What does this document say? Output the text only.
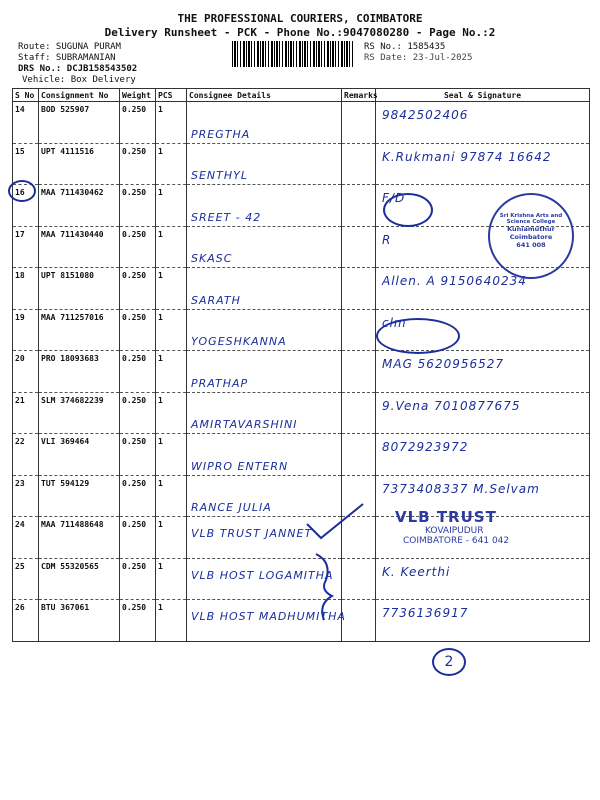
THE PROFESSIONAL COURIERS, COIMBATORE
Delivery Runsheet - PCK - Phone No.:9047080280 - Page No.:2
Route: SUGUNA PURAM
Staff: SUBRAMANIAN
DRS No.: DCJB158543502
Vehicle: Box Delivery
RS No.: 1585435
RS Date: 23-Jul-2025
S No	Consignment No	Weight	PCS	Consignee Details	Remarks	Seal & Signature
14	BOD 525907	0.250	1	PREGTHA		9842502406

15	UPT 4111516	0.250	1	SENTHYL		K.Rukmani 97874 16642

16	MAA 711430462	0.250	1	SREET - 42		F/D

17	MAA 711430440	0.250	1	SKASC		R

18	UPT 8151080	0.250	1	SARATH		Allen. A 9150640234

19	MAA 711257016	0.250	1	YOGESHKANNA		clm

20	PRO 18093683	0.250	1	PRATHAP		MAG 5620956527

21	SLM 374682239	0.250	1	AMIRTAVARSHINI		9.Vena 7010877675

22	VLI 369464	0.250	1	WIPRO ENTERN		8072923972

23	TUT 594129	0.250	1	RANCE JULIA		7373408337 M.Selvam

24	MAA 711488648	0.250	1	VLB TRUST JANNET		

25	CDM 55320565	0.250	1	VLB HOST LOGAMITHA		K. Keerthi

26	BTU 367061	0.250	1	VLB HOST MADHUMITHA		7736136917
Sri Krishna Arts and Science College
Kuniamuthur
Coimbatore
641 008
VLB TRUST
KOVAIPUDUR
COIMBATORE - 641 042
2
